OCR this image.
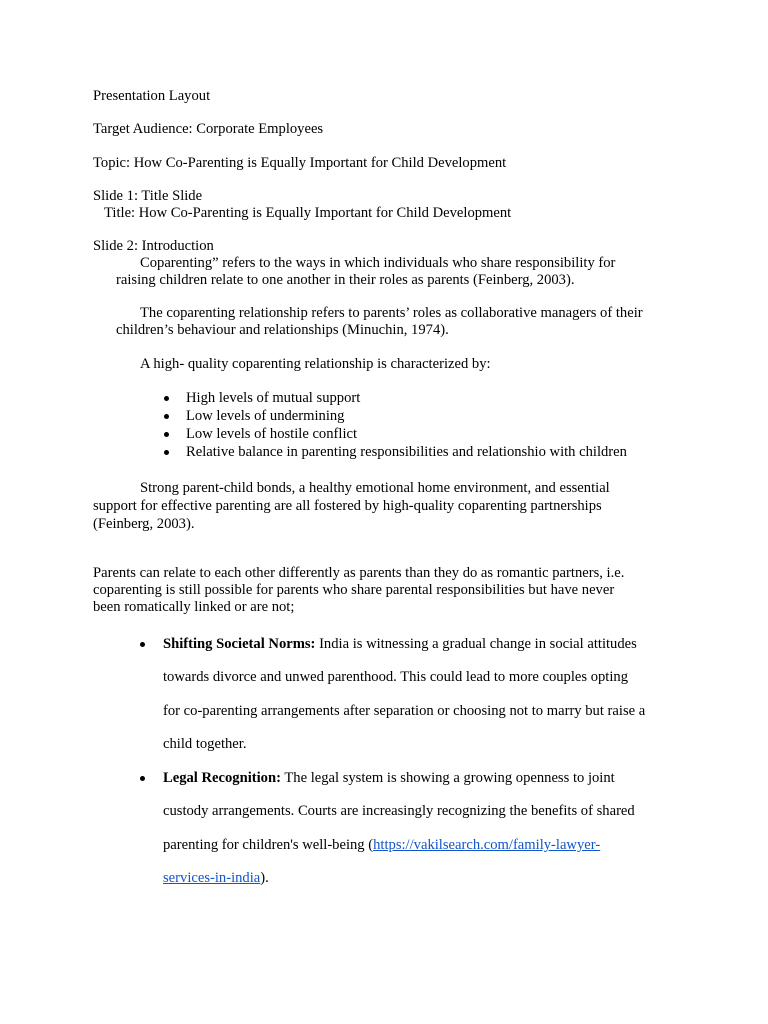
Presentation Layout

Target Audience: Corporate Employees

Topic: How Co-Parenting is Equally Important for Child Development

Slide 1: Title Slide

Title: How Co-Parenting is Equally Important for Child Development

Slide 2: Introduction

Coparenting” refers to the ways in which individuals who share responsibility for

raising children relate to one another in their roles as parents (Feinberg, 2003).

The coparenting relationship refers to parents’ roles as collaborative managers of their

children’s behaviour and relationships (Minuchin, 1974).

A high- quality coparenting relationship is characterized by:

High levels of mutual support

Low levels of undermining

Low levels of hostile conflict

Relative balance in parenting responsibilities and relationshio with children

Strong parent-child bonds, a healthy emotional home environment, and essential

support for effective parenting are all fostered by high-quality coparenting partnerships

(Feinberg, 2003).

Parents can relate to each other differently as parents than they do as romantic partners, i.e.

coparenting is still possible for parents who share parental responsibilities but have never

been romatically linked or are not;

Shifting Societal Norms: India is witnessing a gradual change in social attitudes

towards divorce and unwed parenthood. This could lead to more couples opting

for co-parenting arrangements after separation or choosing not to marry but raise a

child together.

Legal Recognition: The legal system is showing a growing openness to joint

custody arrangements. Courts are increasingly recognizing the benefits of shared

parenting for children's well-being (https://vakilsearch.com/family-lawyer-

services-in-india).
